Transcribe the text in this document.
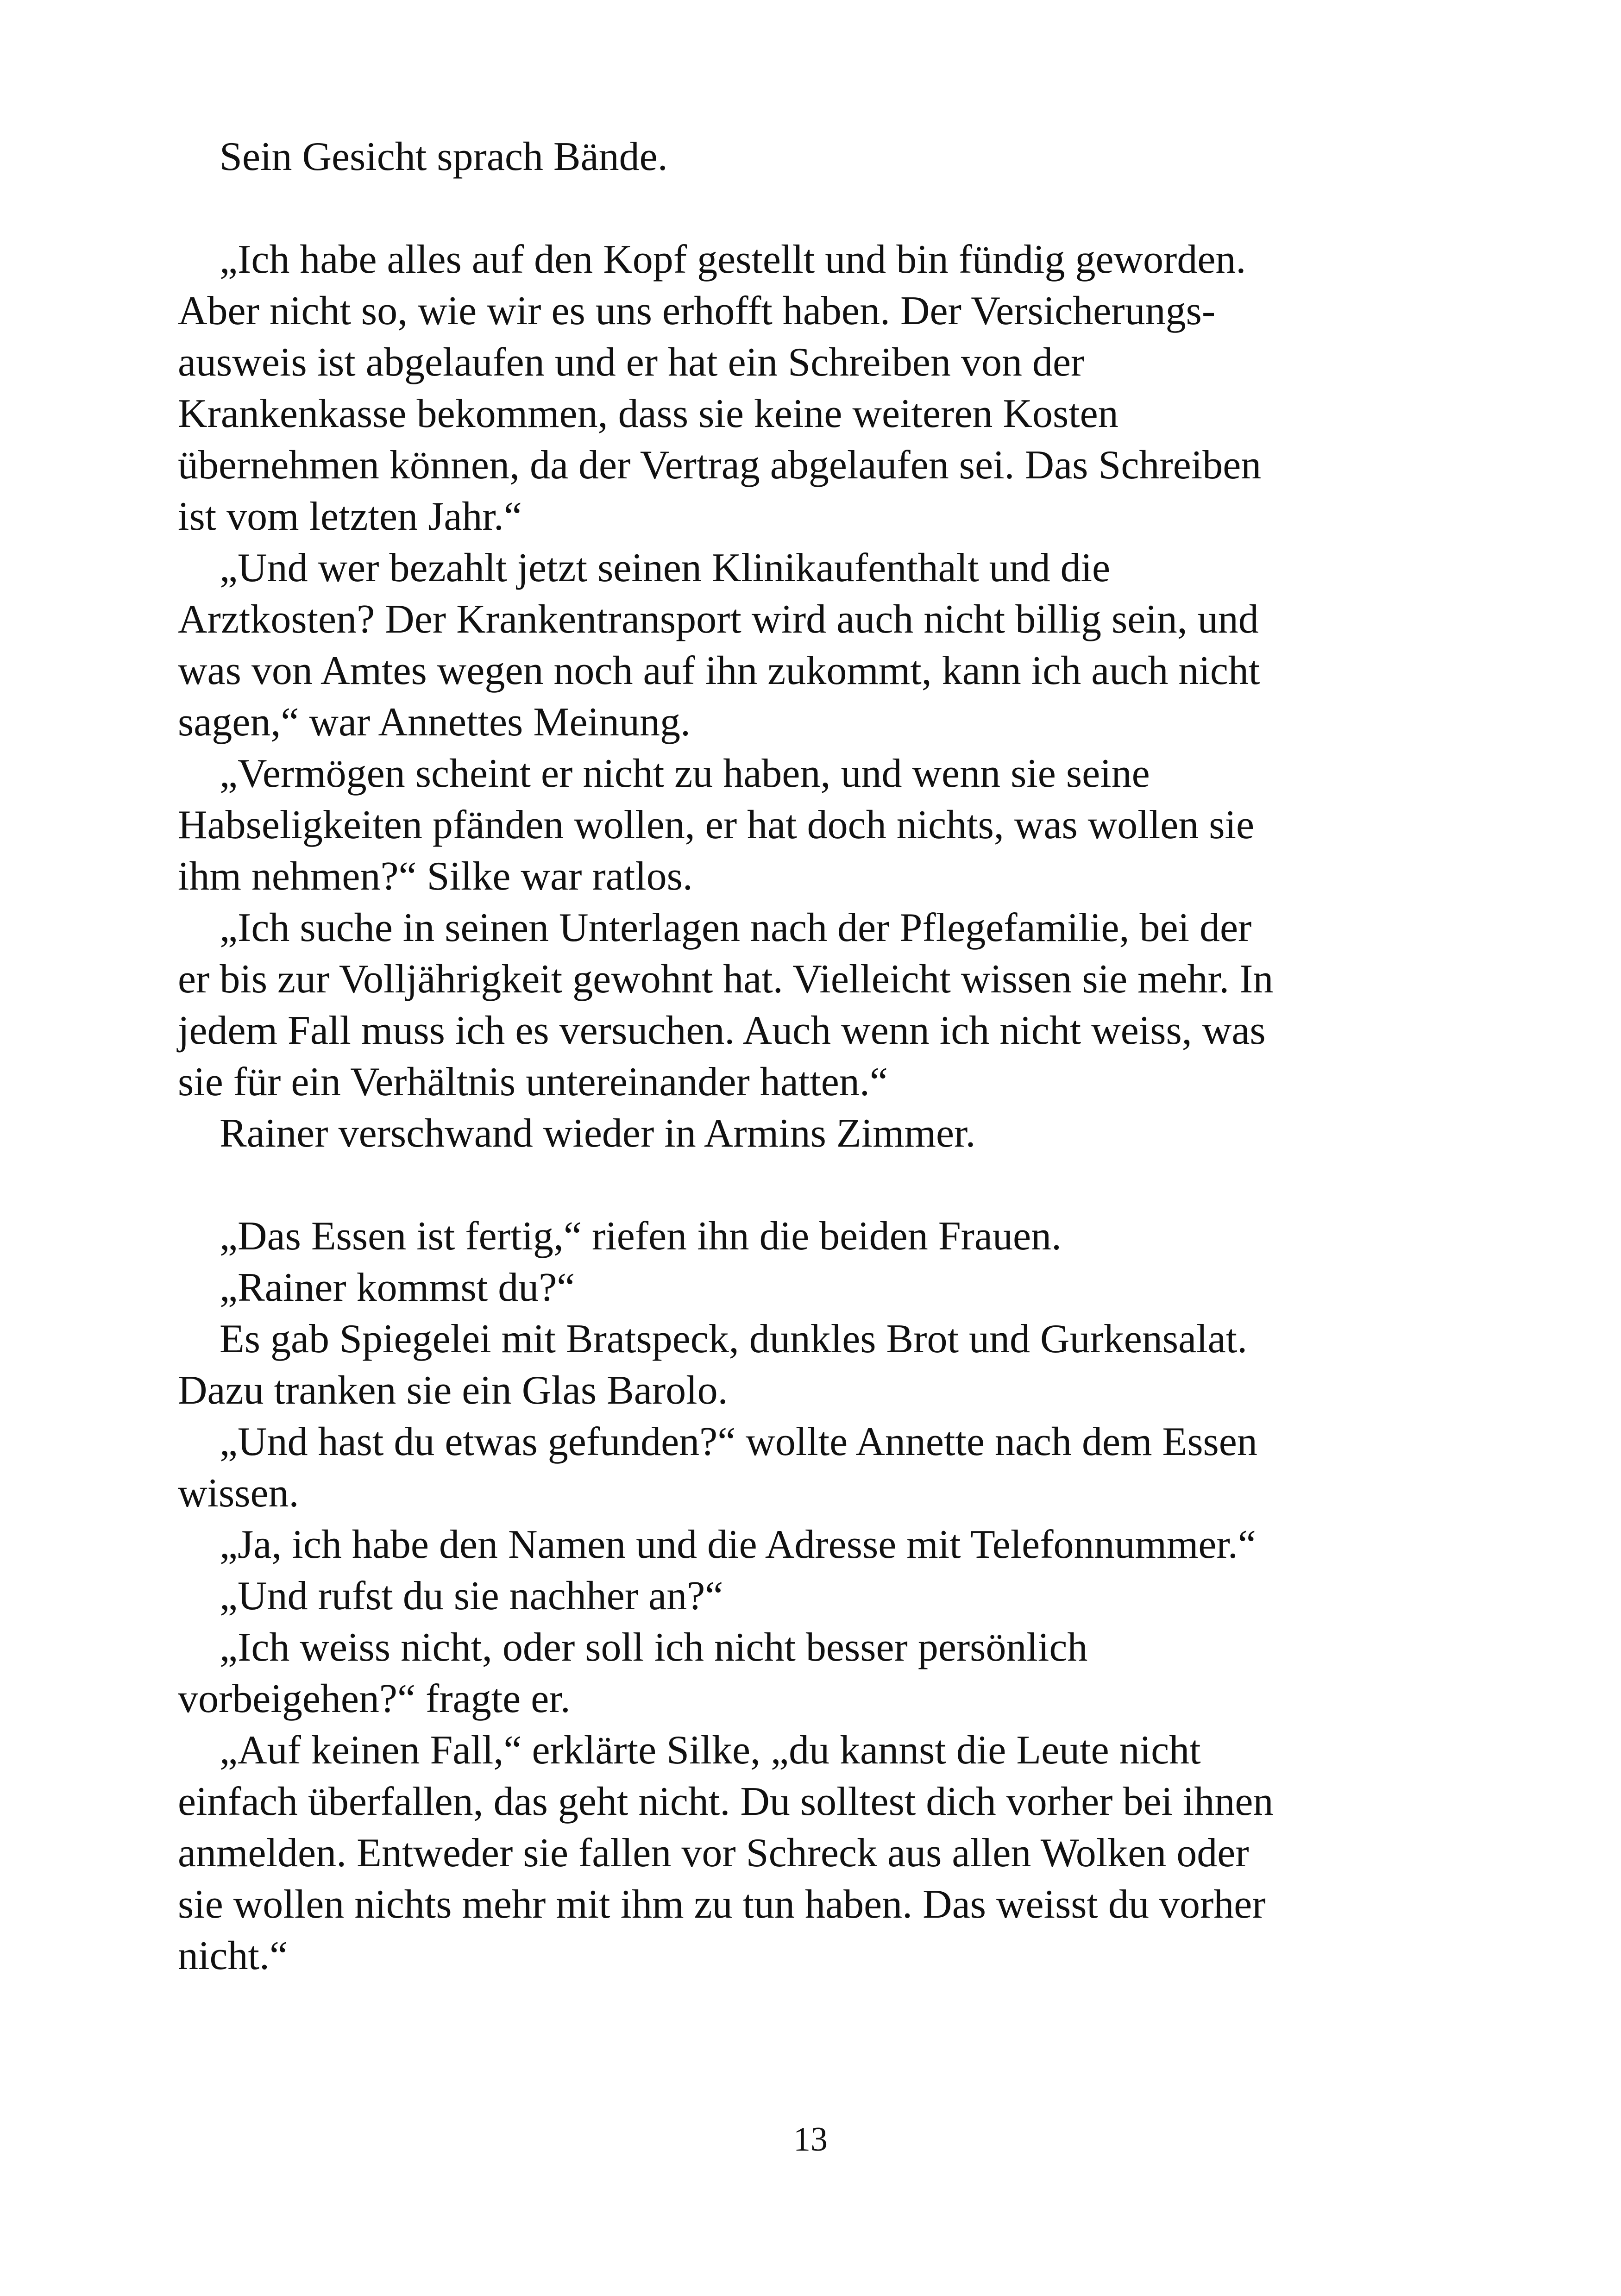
Sein Gesicht sprach Bände.
„Ich habe alles auf den Kopf gestellt und bin fündig geworden.
Aber nicht so, wie wir es uns erhofft haben. Der Versicherungs-
ausweis ist abgelaufen und er hat ein Schreiben von der
Krankenkasse bekommen, dass sie keine weiteren Kosten
übernehmen können, da der Vertrag abgelaufen sei. Das Schreiben
ist vom letzten Jahr.“
„Und wer bezahlt jetzt seinen Klinikaufenthalt und die
Arztkosten? Der Krankentransport wird auch nicht billig sein, und
was von Amtes wegen noch auf ihn zukommt, kann ich auch nicht
sagen,“ war Annettes Meinung.
„Vermögen scheint er nicht zu haben, und wenn sie seine
Habseligkeiten pfänden wollen, er hat doch nichts, was wollen sie
ihm nehmen?“ Silke war ratlos.
„Ich suche in seinen Unterlagen nach der Pflegefamilie, bei der
er bis zur Volljährigkeit gewohnt hat. Vielleicht wissen sie mehr. In
jedem Fall muss ich es versuchen. Auch wenn ich nicht weiss, was
sie für ein Verhältnis untereinander hatten.“
Rainer verschwand wieder in Armins Zimmer.
„Das Essen ist fertig,“ riefen ihn die beiden Frauen.
„Rainer kommst du?“
Es gab Spiegelei mit Bratspeck, dunkles Brot und Gurkensalat.
Dazu tranken sie ein Glas Barolo.
„Und hast du etwas gefunden?“ wollte Annette nach dem Essen
wissen.
„Ja, ich habe den Namen und die Adresse mit Telefonnummer.“
„Und rufst du sie nachher an?“
„Ich weiss nicht, oder soll ich nicht besser persönlich
vorbeigehen?“ fragte er.
„Auf keinen Fall,“ erklärte Silke, „du kannst die Leute nicht
einfach überfallen, das geht nicht. Du solltest dich vorher bei ihnen
anmelden. Entweder sie fallen vor Schreck aus allen Wolken oder
sie wollen nichts mehr mit ihm zu tun haben. Das weisst du vorher
nicht.“
13
